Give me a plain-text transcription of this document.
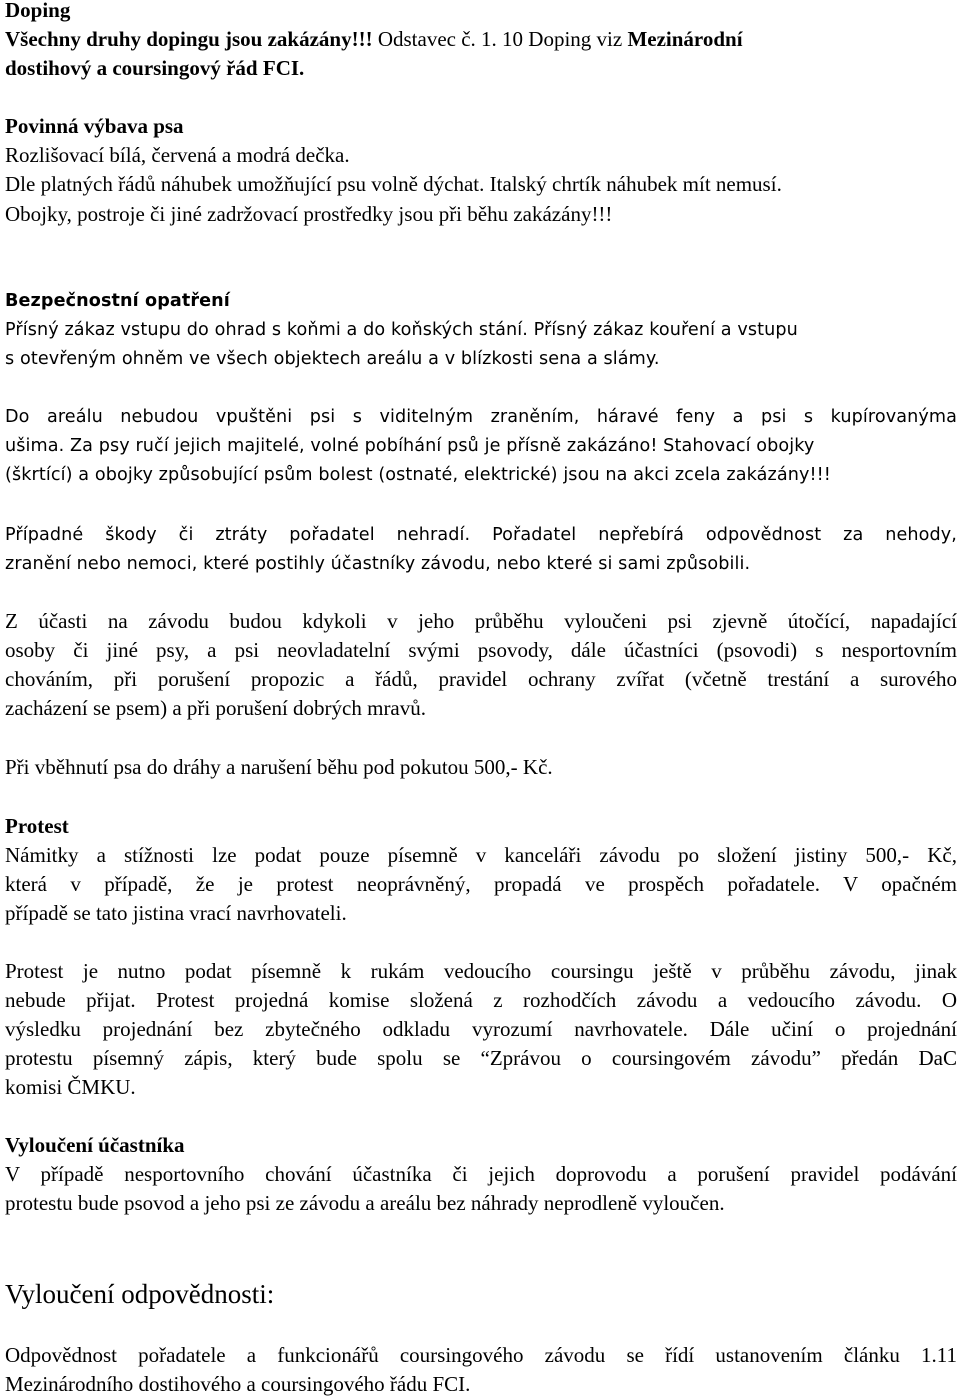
Doping
Všechny druhy dopingu jsou zakázány!!! Odstavec č. 1. 10 Doping viz Mezinárodní
dostihový a coursingový řád FCI.
Povinná výbava psa
Rozlišovací bílá, červená a modrá dečka.
Dle platných řádů náhubek umožňující psu volně dýchat. Italský chrtík náhubek mít nemusí.
Obojky, postroje či jiné zadržovací prostředky jsou při běhu zakázány!!!
Bezpečnostní opatření
Přísný zákaz vstupu do ohrad s koňmi a do koňských stání. Přísný zákaz kouření a vstupu
s otevřeným ohněm ve všech objektech areálu a v blízkosti sena a slámy.
Do areálu nebudou vpuštěni psi s viditelným zraněním, háravé feny a psi s kupírovanýma
ušima. Za psy ručí jejich majitelé, volné pobíhání psů je přísně zakázáno! Stahovací obojky
(škrtící) a obojky způsobující psům bolest (ostnaté, elektrické) jsou na akci zcela zakázány!!!
Případné škody či ztráty pořadatel nehradí. Pořadatel nepřebírá odpovědnost za nehody,
zranění nebo nemoci, které postihly účastníky závodu, nebo které si sami způsobili.
Z účasti na závodu budou kdykoli v jeho průběhu vyloučeni psi zjevně útočící, napadající
osoby či jiné psy, a psi neovladatelní svými psovody, dále účastníci (psovodi) s nesportovním
chováním, při porušení propozic a řádů, pravidel ochrany zvířat (včetně trestání a surového
zacházení se psem) a při porušení dobrých mravů.
Při vběhnutí psa do dráhy a narušení běhu pod pokutou 500,- Kč.
Protest
Námitky a stížnosti lze podat pouze písemně v kanceláři závodu po složení jistiny 500,- Kč,
která v případě, že je protest neoprávněný, propadá ve prospěch pořadatele. V opačném
případě se tato jistina vrací navrhovateli.
Protest je nutno podat písemně k rukám vedoucího coursingu ještě v průběhu závodu, jinak
nebude přijat. Protest projedná komise složená z rozhodčích závodu a vedoucího závodu. O
výsledku projednání bez zbytečného odkladu vyrozumí navrhovatele. Dále učiní o projednání
protestu písemný zápis, který bude spolu se “Zprávou o coursingovém závodu” předán DaC
komisi ČMKU.
Vyloučení účastníka
V případě nesportovního chování účastníka či jejich doprovodu a porušení pravidel podávání
protestu bude psovod a jeho psi ze závodu a areálu bez náhrady neprodleně vyloučen.
Vyloučení odpovědnosti:
Odpovědnost pořadatele a funkcionářů coursingového závodu se řídí ustanovením článku 1.11
Mezinárodního dostihového a coursingového řádu FCI.
